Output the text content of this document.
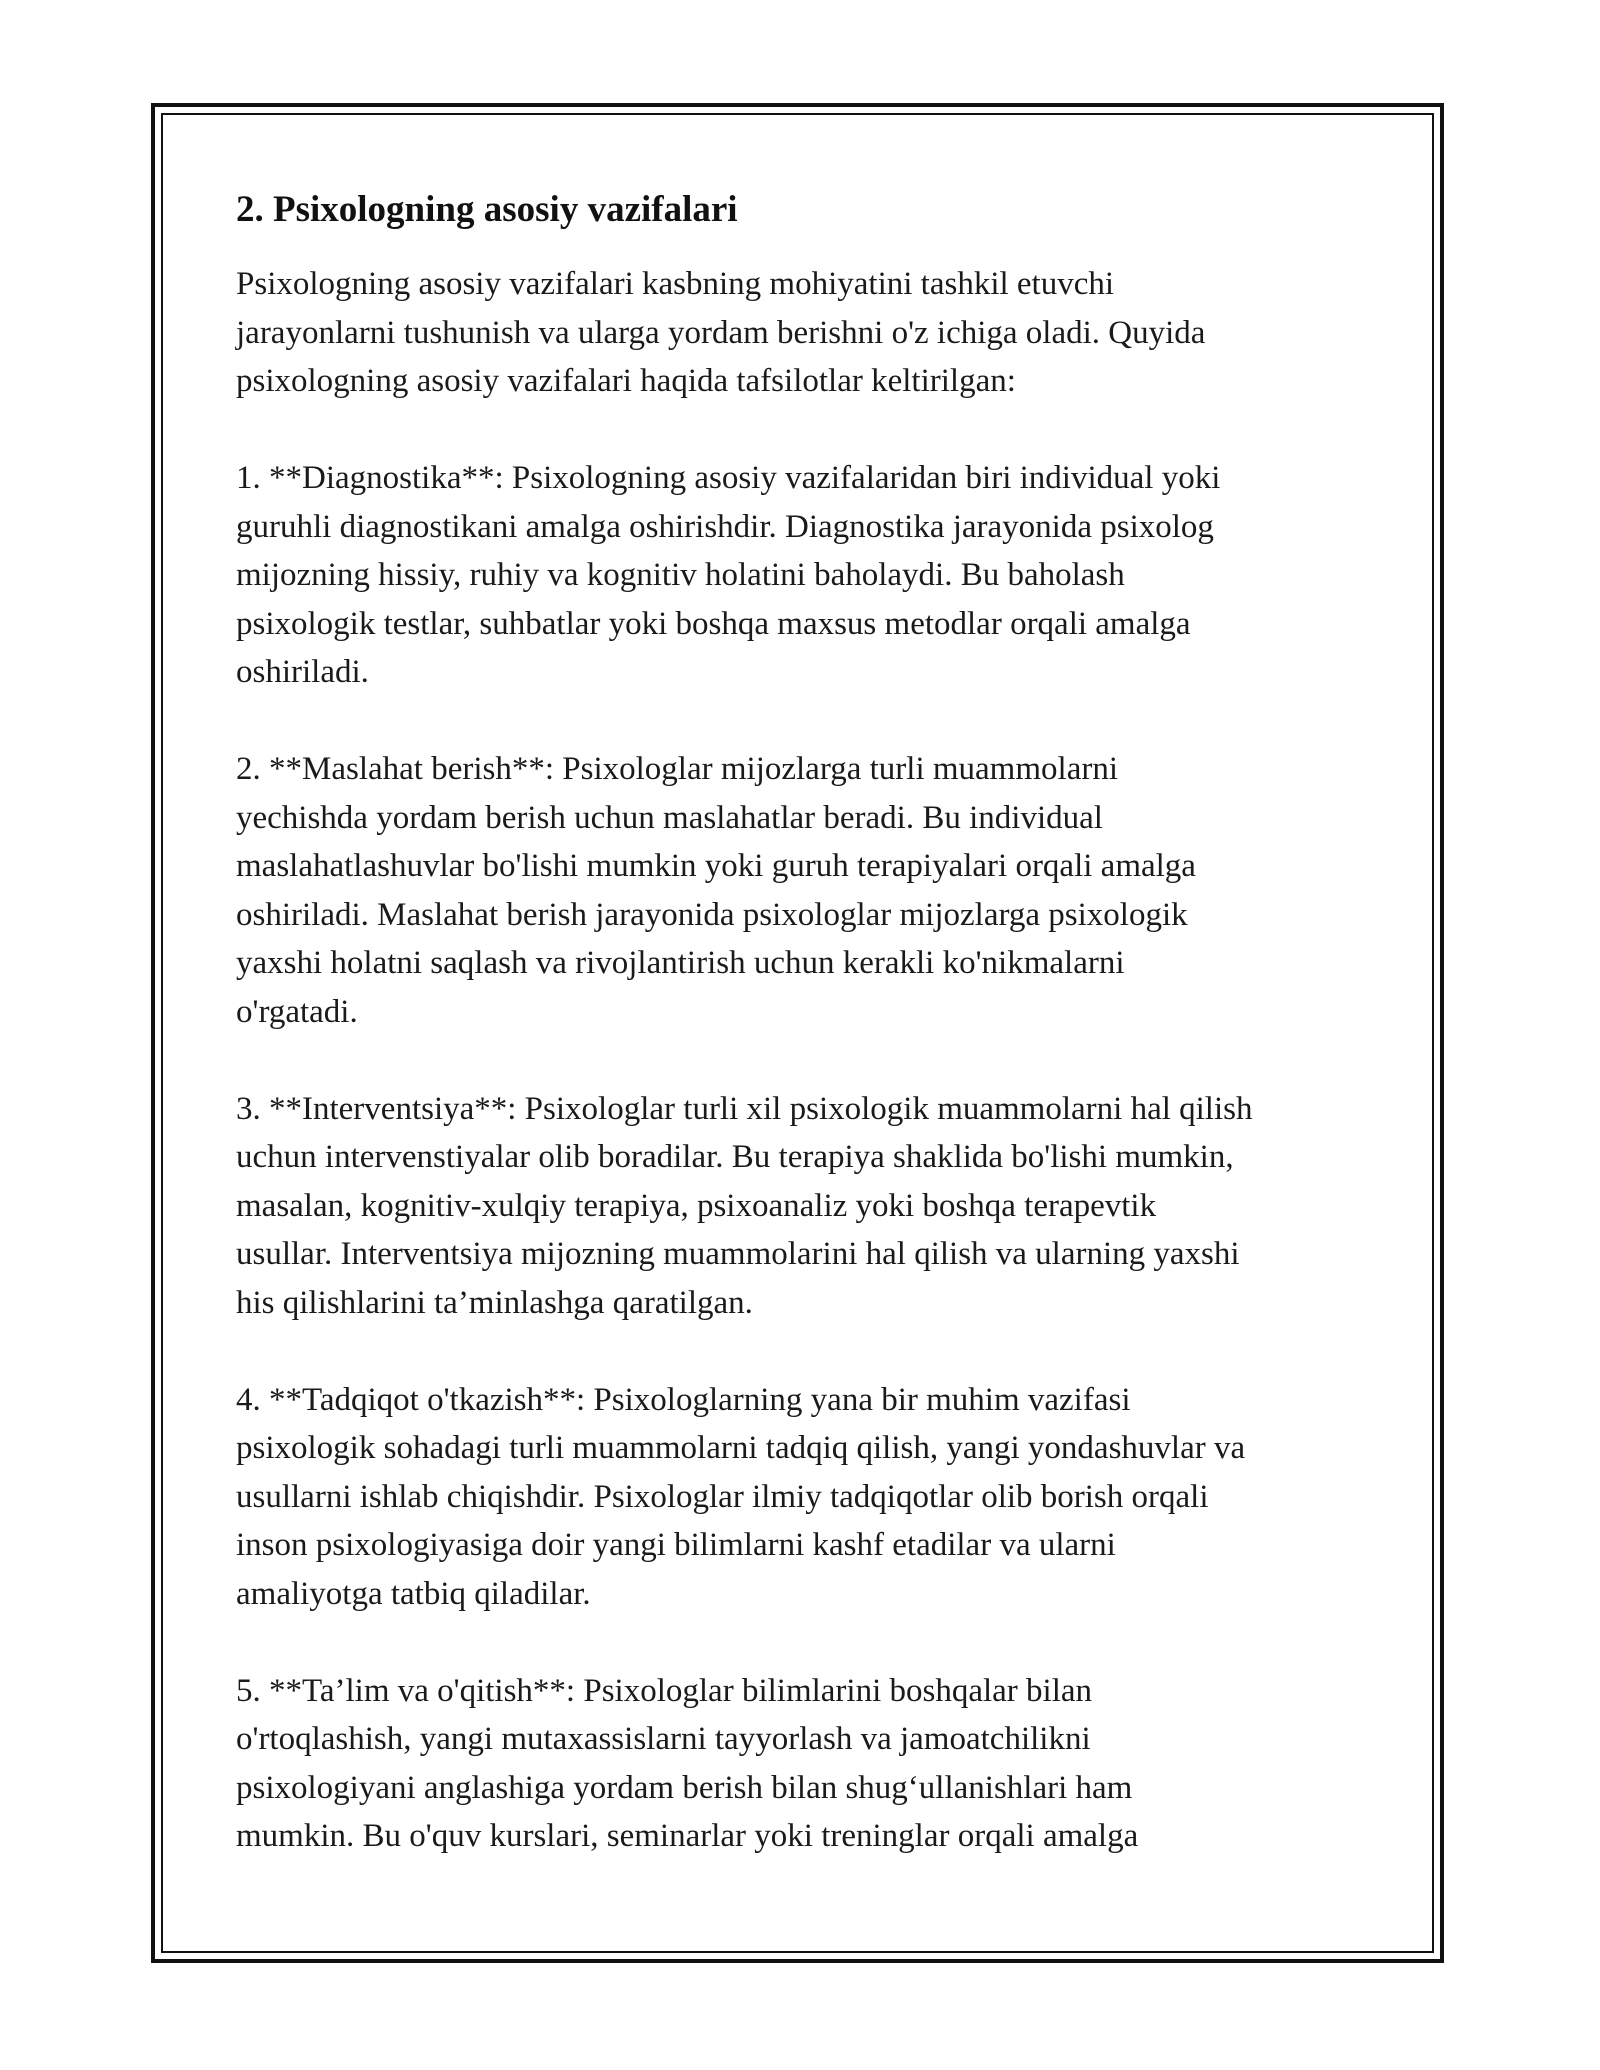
2. Psixologning asosiy vazifalari

Psixologning asosiy vazifalari kasbning mohiyatini tashkil etuvchi
jarayonlarni tushunish va ularga yordam berishni o'z ichiga oladi. Quyida
psixologning asosiy vazifalari haqida tafsilotlar keltirilgan:

1. **Diagnostika**: Psixologning asosiy vazifalaridan biri individual yoki
guruhli diagnostikani amalga oshirishdir. Diagnostika jarayonida psixolog
mijozning hissiy, ruhiy va kognitiv holatini baholaydi. Bu baholash
psixologik testlar, suhbatlar yoki boshqa maxsus metodlar orqali amalga
oshiriladi.

2. **Maslahat berish**: Psixologlar mijozlarga turli muammolarni
yechishda yordam berish uchun maslahatlar beradi. Bu individual
maslahatlashuvlar bo'lishi mumkin yoki guruh terapiyalari orqali amalga
oshiriladi. Maslahat berish jarayonida psixologlar mijozlarga psixologik
yaxshi holatni saqlash va rivojlantirish uchun kerakli ko'nikmalarni
o'rgatadi.

3. **Interventsiya**: Psixologlar turli xil psixologik muammolarni hal qilish
uchun intervenstiyalar olib boradilar. Bu terapiya shaklida bo'lishi mumkin,
masalan, kognitiv-xulqiy terapiya, psixoanaliz yoki boshqa terapevtik
usullar. Interventsiya mijozning muammolarini hal qilish va ularning yaxshi
his qilishlarini ta’minlashga qaratilgan.

4. **Tadqiqot o'tkazish**: Psixologlarning yana bir muhim vazifasi
psixologik sohadagi turli muammolarni tadqiq qilish, yangi yondashuvlar va
usullarni ishlab chiqishdir. Psixologlar ilmiy tadqiqotlar olib borish orqali
inson psixologiyasiga doir yangi bilimlarni kashf etadilar va ularni
amaliyotga tatbiq qiladilar.

5. **Ta’lim va o'qitish**: Psixologlar bilimlarini boshqalar bilan
o'rtoqlashish, yangi mutaxassislarni tayyorlash va jamoatchilikni
psixologiyani anglashiga yordam berish bilan shug‘ullanishlari ham
mumkin. Bu o'quv kurslari, seminarlar yoki treninglar orqali amalga
